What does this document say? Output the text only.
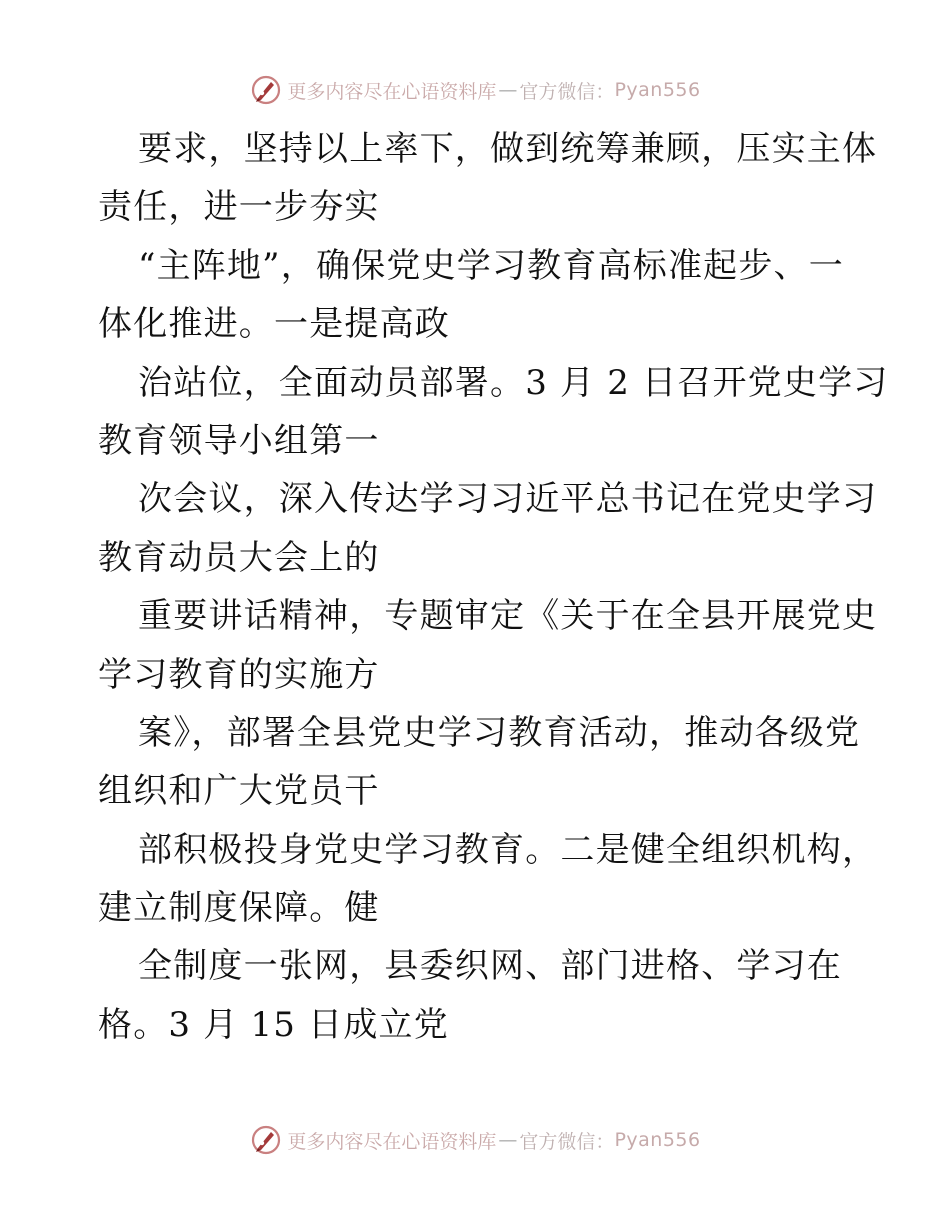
更多内容尽在心语资料库 — 官方微信： Pyan556
要求，坚持以上率下，做到统筹兼顾，压实主体
责任，进一步夯实
“主阵地”，确保党史学习教育高标准起步、一
体化推进。一是提高政
治站位，全面动员部署。3 月 2 日召开党史学习
教育领导小组第一
次会议，深入传达学习习近平总书记在党史学习
教育动员大会上的
重要讲话精神，专题审定《关于在全县开展党史
学习教育的实施方
案》，部署全县党史学习教育活动，推动各级党
组织和广大党员干
部积极投身党史学习教育。二是健全组织机构，
建立制度保障。健
全制度一张网，县委织网、部门进格、学习在
格。3 月 15 日成立党
更多内容尽在心语资料库 — 官方微信： Pyan556
